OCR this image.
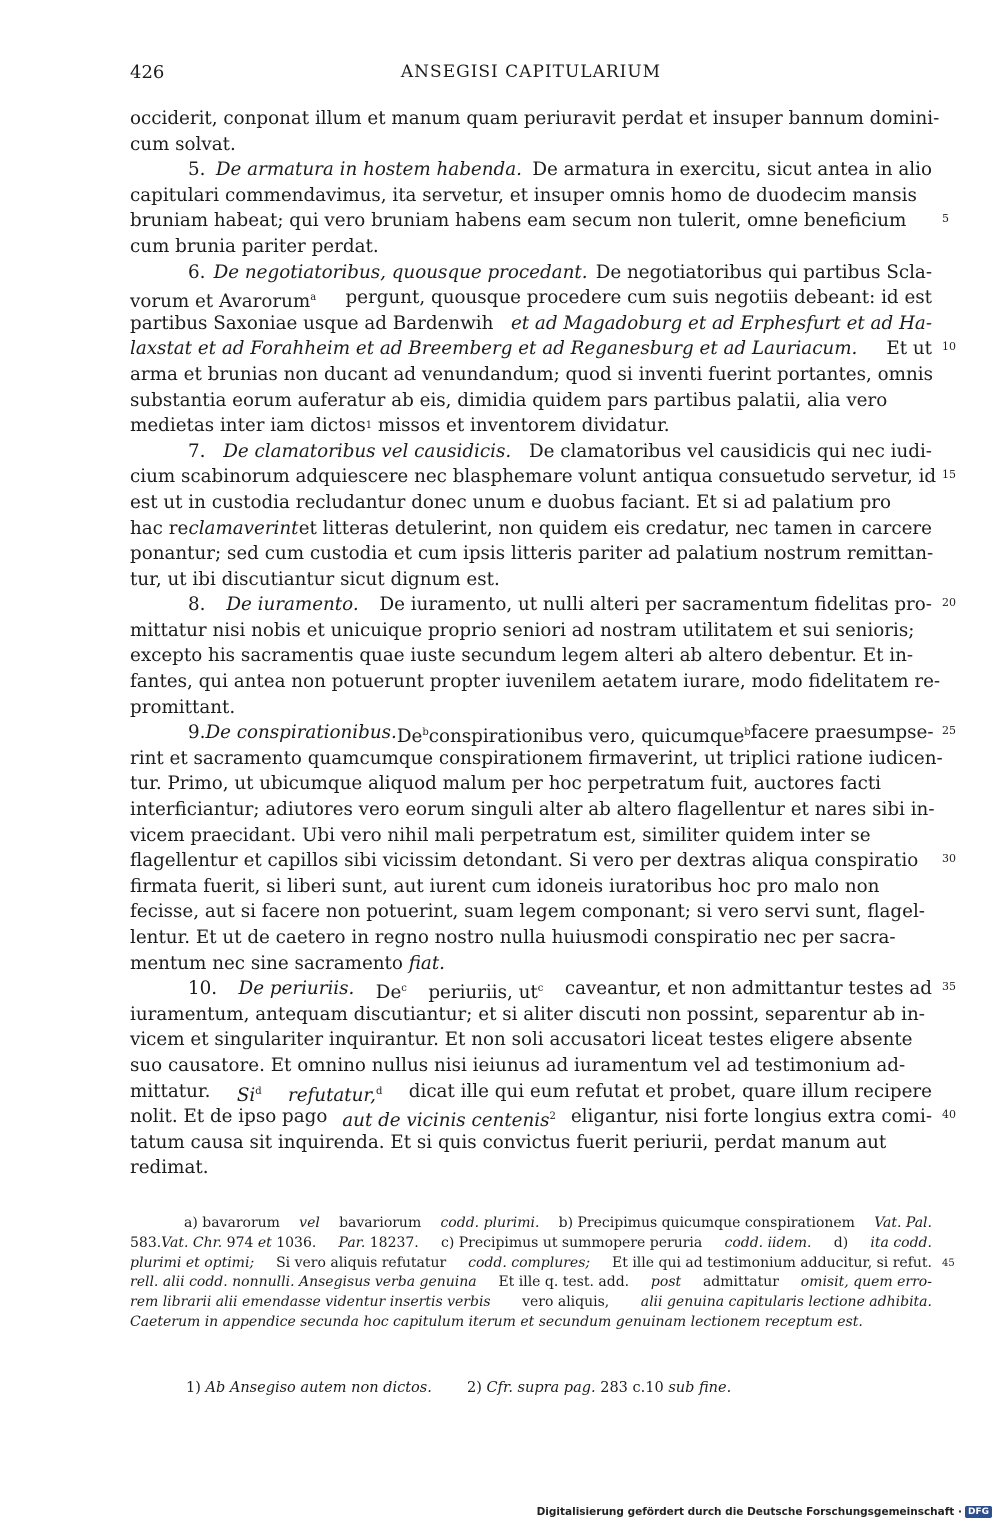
426	ANSEGISI CAPITULARIUM
occiderit, conponat illum et manum quam periuravit perdat et insuper bannum domini-
cum solvat.
5. De armatura in hostem habenda. De armatura in exercitu, sicut antea in alio
capitulari commendavimus, ita servetur, et insuper omnis homo de duodecim mansis
bruniam habeat; qui vero bruniam habens eam secum non tulerit, omne beneficium
cum brunia pariter perdat.
6. De negotiatoribus, quousque procedant. De negotiatoribus qui partibus Scla-
vorum et Avarorum$^a$ pergunt, quousque procedere cum suis negotiis debeant: id est
partibus Saxoniae usque ad Bardenwih et ad Magadoburg et ad Erphesfurt et ad Ha-
laxstat et ad Forahheim et ad Breemberg et ad Reganesburg et ad Lauriacum. Et ut
arma et brunias non ducant ad venundandum; quod si inventi fuerint portantes, omnis
substantia eorum auferatur ab eis, dimidia quidem pars partibus palatii, alia vero
medietas inter iam dictos 1
missos et inventorem dividatur.
7. De clamatoribus vel causidicis. De clamatoribus vel causidicis qui nec iudi-
cium scabinorum adquiescere nec blasphemare volunt antiqua consuetudo servetur, id
est ut in custodia recludantur donec unum e duobus faciant. Et si ad palatium pro
hac re clamaverint et litteras detulerint, non quidem eis credatur, nec tamen in carcere
ponantur; sed cum custodia et cum ipsis litteris pariter ad palatium nostrum remittan-
tur, ut ibi discutiantur sicut dignum est.
8. De iuramento. De iuramento, ut nulli alteri per sacramentum fidelitas pro-
mittatur nisi nobis et unicuique proprio seniori ad nostram utilitatem et sui senioris;
excepto his sacramentis quae iuste secundum legem alteri ab altero debentur. Et in-
fantes, qui antea non potuerunt propter iuvenilem aetatem iurare, modo fidelitatem re-
promittant.
9. De conspirationibus. De$^b$ conspirationibus vero, quicumque$^b$ facere praesumpse-
rint et sacramento quamcumque conspirationem firmaverint, ut triplici ratione iudicen-
tur. Primo, ut ubicumque aliquod malum per hoc perpetratum fuit, auctores facti
interficiantur; adiutores vero eorum singuli alter ab altero flagellentur et nares sibi in-
vicem praecidant. Ubi vero nihil mali perpetratum est, similiter quidem inter se
flagellentur et capillos sibi vicissim detondant. Si vero per dextras aliqua conspiratio
firmata fuerit, si liberi sunt, aut iurent cum idoneis iuratoribus hoc pro malo non
fecisse, aut si facere non potuerint, suam legem componant; si vero servi sunt, flagel-
lentur. Et ut de caetero in regno nostro nulla huiusmodi conspiratio nec per sacra-
mentum nec sine sacramento
fiat.
10. De periuriis. De$^c$ periuriis, $ut^c$ caveantur, et non admittantur testes ad
iuramentum, antequam discutiantur; et si aliter discuti non possint, separentur ab in-
vicem et singulariter inquirantur. Et non soli accusatori liceat testes eligere absente
suo causatore. Et omnino nullus nisi ieiunus ad iuramentum vel ad testimonium ad-
mittatur. Si$^d$ refutatur,$^d$ dicat ille qui eum refutat et probet, quare illum recipere
nolit. Et de ipso pago aut de vicinis centenis$^2$ eligantur, nisi forte longius extra comi-
tatum causa sit inquirenda. Et si quis convictus fuerit periurii, perdat manum aut
redimat.
5
10
15
20
25
30
35
40
a) bavarorum vel bavariorum codd. plurimi. b) Precipimus quicumque conspirationem Vat. Pal.
583.Vat. Chr. 974 et 1036. Par. 18237. c) Precipimus ut summopere peruria codd. iidem. d) ita codd.
plurimi et optimi; Si vero aliquis refutatur codd. complures; Et ille qui ad testimonium adducitur, si refut.
rell. alii codd. nonnulli. Ansegisus verba genuina Et ille q. test. add. post admittatur omisit, quem erro-
rem librarii alii emendasse videntur insertis verbis vero aliquis, alii genuina capitularis lectione adhibita.
Caeterum in appendice secunda hoc capitulum iterum et secundum genuinam lectionem receptum est.
45
1) Ab Ansegiso autem non dictos. 2) Cfr. supra pag. 283 c.10 sub fine.
Digitalisierung gefördert durch die Deutsche Forschungsgemeinschaft · DFG
